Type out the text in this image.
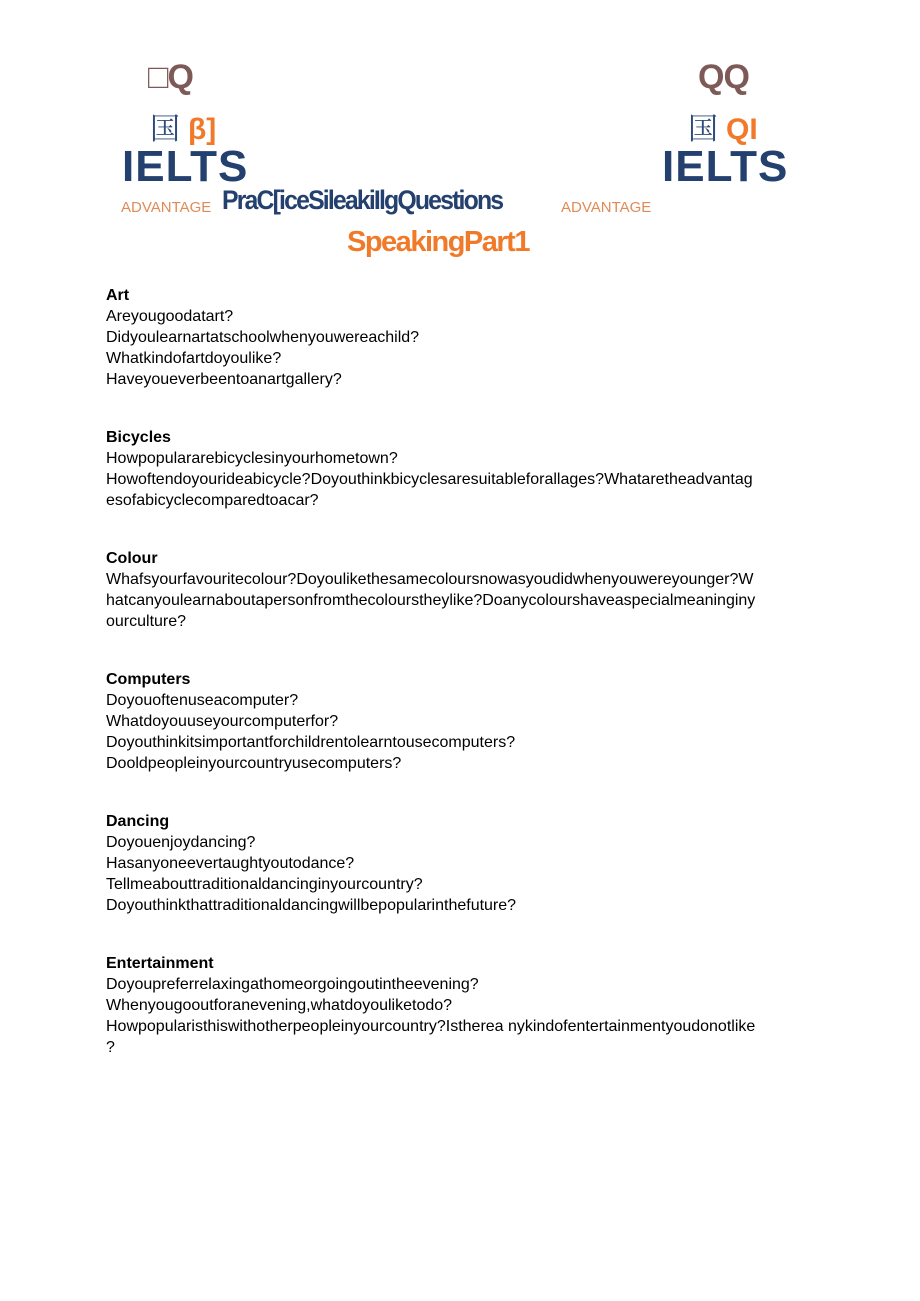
□Q
国 β]
IELTS
QQ
国 QI
IELTS
ADVANTAGE PraC[iceSileakiIlgQuestions	ADVANTAGE
SpeakingPart1
Art

Areyougoodatart?

Didyoulearnartatschoolwhenyouwereachild?

Whatkindofartdoyoulike?

Haveyoueverbeentoanartgallery?

Bicycles

Howpopulararebicyclesinyourhometown?

Howoftendoyourideabicycle?Doyouthinkbicyclesaresuitableforallages?Whataretheadvantag

esofabicyclecomparedtoacar?

Colour

Whafsyourfavouritecolour?Doyoulikethesamecoloursnowasyoudidwhenyouwereyounger?W

hatcanyoulearnaboutapersonfromthecolourstheylike?Doanycolourshaveaspecialmeaninginy

ourculture?

Computers

Doyouoftenuseacomputer?

Whatdoyouuseyourcomputerfor?

Doyouthinkitsimportantforchildrentolearntousecomputers?

Dooldpeopleinyourcountryusecomputers?

Dancing

Doyouenjoydancing?

Hasanyoneevertaughtyoutodance?

Tellmeabouttraditionaldancinginyourcountry?

Doyouthinkthattraditionaldancingwillbepopularinthefuture?

Entertainment

Doyoupreferrelaxingathomeorgoingoutintheevening?

Whenyougooutforanevening,whatdoyouliketodo?

Howpopularisthiswithotherpeopleinyourcountry?Istherea nykindofentertainmentyoudonotlike

?
